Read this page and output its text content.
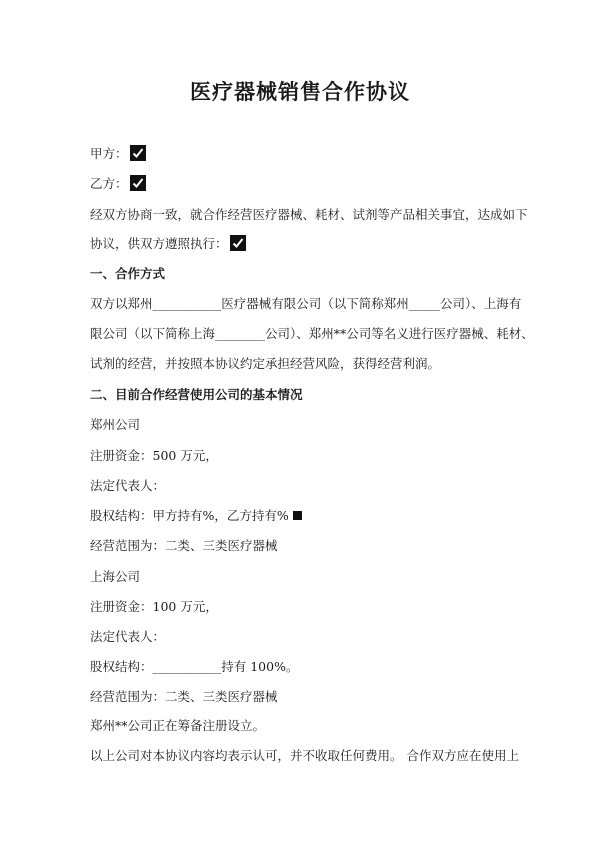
医疗器械销售合作协议
甲方：
乙方：
经双方协商一致，就合作经营医疗器械、耗材、试剂等产品相关事宜，达成如下
协议，供双方遵照执行：
一、合作方式
双方以郑州___________医疗器械有限公司（以下简称郑州_____公司）、上海有
限公司（以下简称上海________公司）、郑州**公司等名义进行医疗器械、耗材、
试剂的经营，并按照本协议约定承担经营风险，获得经营利润。
二、目前合作经营使用公司的基本情况
郑州公司
注册资金：500 万元，
法定代表人：
股权结构：甲方持有%，乙方持有%
经营范围为：二类、三类医疗器械
上海公司
注册资金：100 万元，
法定代表人：
股权结构：___________持有 100%。
经营范围为：二类、三类医疗器械
郑州**公司正在筹备注册设立。
以上公司对本协议内容均表示认可，并不收取任何费用。 合作双方应在使用上
